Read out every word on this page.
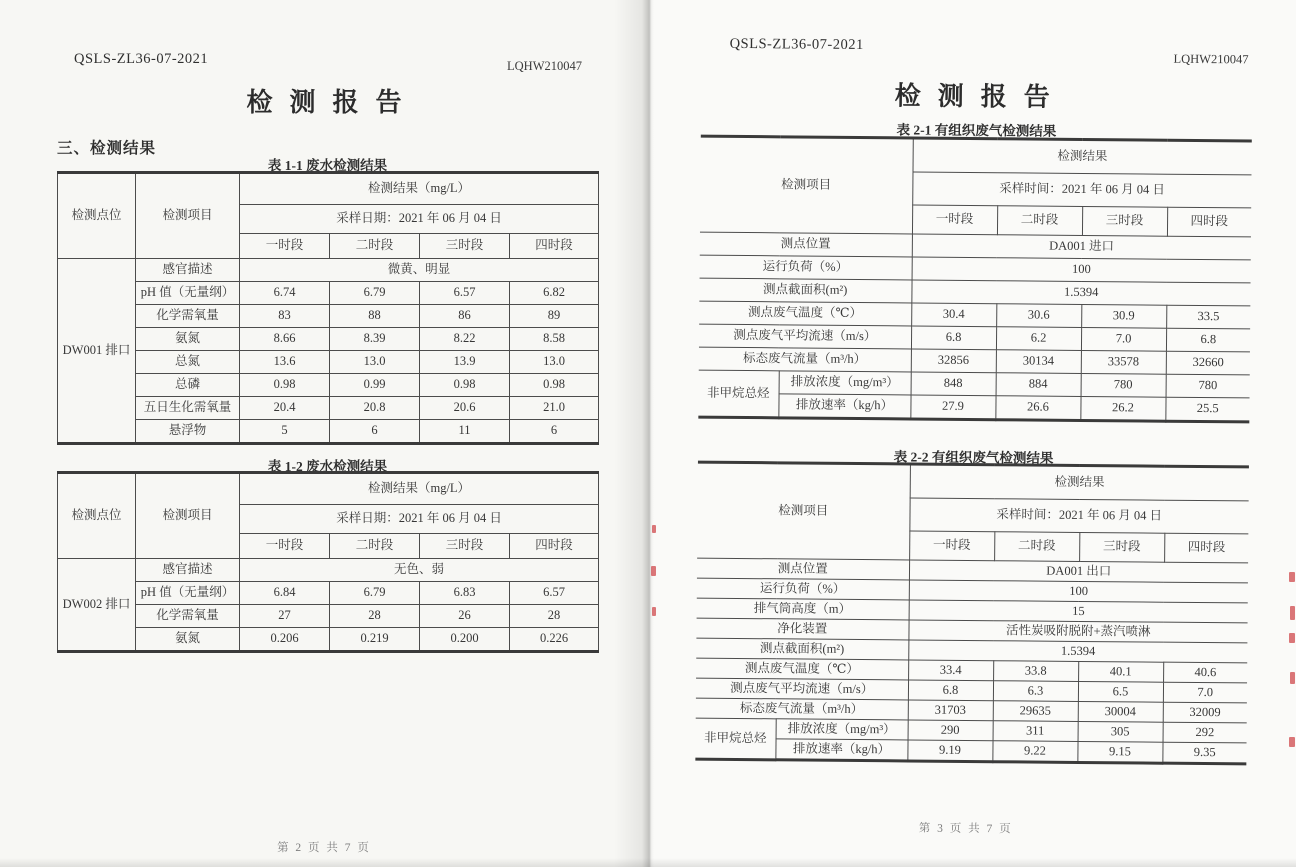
QSLS-ZL36-07-2021	LQHW210047
检测报告
三、检测结果
表 1-1 废水检测结果
检测点位	检测项目	检测结果（mg/L）			
		采样日期：2021 年 06 月 04 日			
		一时段	二时段	三时段	四时段
DW001 排口	感官描述	微黄、明显			
	pH 值（无量纲）	6.74	6.79	6.57	6.82
	化学需氧量	83	88	86	89
	氨氮	8.66	8.39	8.22	8.58
	总氮	13.6	13.0	13.9	13.0
	总磷	0.98	0.99	0.98	0.98
	五日生化需氧量	20.4	20.8	20.6	21.0
	悬浮物	5	6	11	6
表 1-2 废水检测结果
检测点位	检测项目	检测结果（mg/L）			
		采样日期：2021 年 06 月 04 日			
		一时段	二时段	三时段	四时段
DW002 排口	感官描述	无色、弱			
	pH 值（无量纲）	6.84	6.79	6.83	6.57
	化学需氧量	27	28	26	28
	氨氮	0.206	0.219	0.200	0.226
第 2 页 共 7 页
QSLS-ZL36-07-2021
LQHW210047
检测报告
表 2-1 有组织废气检测结果
检测项目		检测结果			
		采样时间：2021 年 06 月 04 日			
		一时段	二时段	三时段	四时段
测点位置		DA001 进口			
运行负荷（%）		100			
测点截面积(m²)		1.5394			
测点废气温度（℃）		30.4	30.6	30.9	33.5
测点废气平均流速（m/s）		6.8	6.2	7.0	6.8
标态废气流量（m³/h）		32856	30134	33578	32660
非甲烷总烃	排放浓度（mg/m³）	848	884	780	780
	排放速率（kg/h）	27.9	26.6	26.2	25.5
表 2-2 有组织废气检测结果
检测项目		检测结果			
		采样时间：2021 年 06 月 04 日			
		一时段	二时段	三时段	四时段
测点位置		DA001 出口			
运行负荷（%）		100			
排气筒高度（m）		15			
净化装置		活性炭吸附脱附+蒸汽喷淋			
测点截面积(m²)		1.5394			
测点废气温度（℃）		33.4	33.8	40.1	40.6
测点废气平均流速（m/s）		6.8	6.3	6.5	7.0
标态废气流量（m³/h）		31703	29635	30004	32009
非甲烷总烃	排放浓度（mg/m³）	290	311	305	292
	排放速率（kg/h）	9.19	9.22	9.15	9.35
第 3 页 共 7 页
